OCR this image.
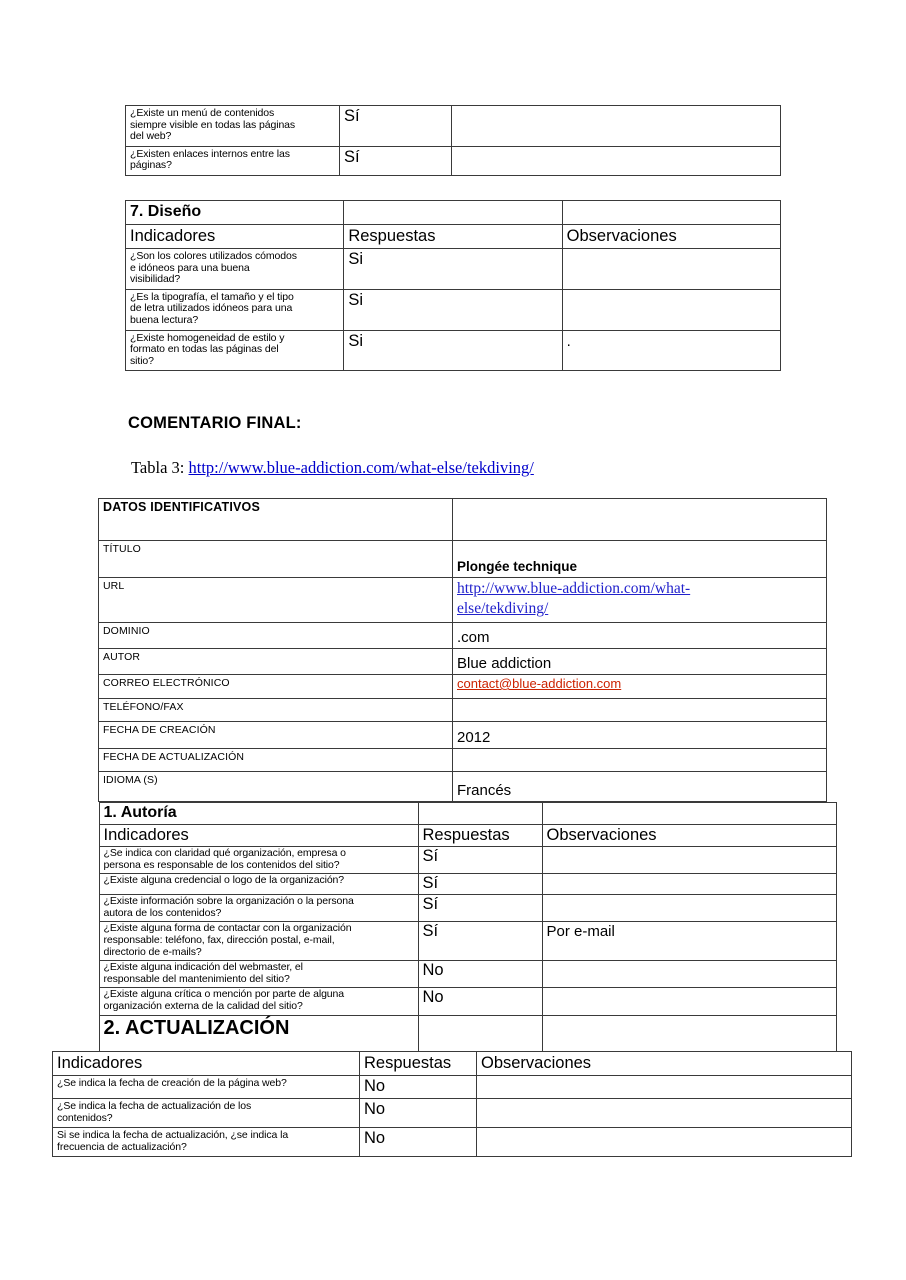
¿Existe un menú de contenidos
siempre visible en todas las páginas
del web?	Sí	

¿Existen enlaces internos entre las
páginas?	Sí	
7. Diseño		
Indicadores	Respuestas	Observaciones

¿Son los colores utilizados cómodos
e idóneos para una buena
visibilidad?	Si	

¿Es la tipografía, el tamaño y el tipo
de letra utilizados idóneos para una
buena lectura?	Si	

¿Existe homogeneidad de estilo y
formato en todas las páginas del
sitio?	Si	.
COMENTARIO FINAL:
Tabla 3: http://www.blue-addiction.com/what-else/tekdiving/
DATOS IDENTIFICATIVOS	
TÍTULO	Plongée technique
URL	http://www.blue-addiction.com/what-
else/tekdiving/
DOMINIO	.com
AUTOR	Blue addiction
CORREO ELECTRÓNICO	contact@blue-addiction.com
TELÉFONO/FAX	
FECHA DE CREACIÓN	2012
FECHA DE ACTUALIZACIÓN	
IDIOMA (S)	Francés

1. Autoría		
Indicadores	Respuestas	Observaciones

¿Se indica con claridad qué organización, empresa o
persona es responsable de los contenidos del sitio?	Sí	

¿Existe alguna credencial o logo de la organización?	Sí	

¿Existe información sobre la organización o la persona
autora de los contenidos?	Sí	

¿Existe alguna forma de contactar con la organización
responsable: teléfono, fax, dirección postal, e-mail,
directorio de e-mails?
	Sí	Por e-mail

¿Existe alguna indicación del webmaster, el
responsable del mantenimiento del sitio?	No	

¿Existe alguna crítica o mención por parte de alguna
organización externa de la calidad del sitio?	No	
2. ACTUALIZACIÓN		
Indicadores	Respuestas	Observaciones

¿Se indica la fecha de creación de la página web?	No	

¿Se indica la fecha de actualización de los
contenidos?	No	

Si se indica la fecha de actualización, ¿se indica la
frecuencia de actualización?	No	
